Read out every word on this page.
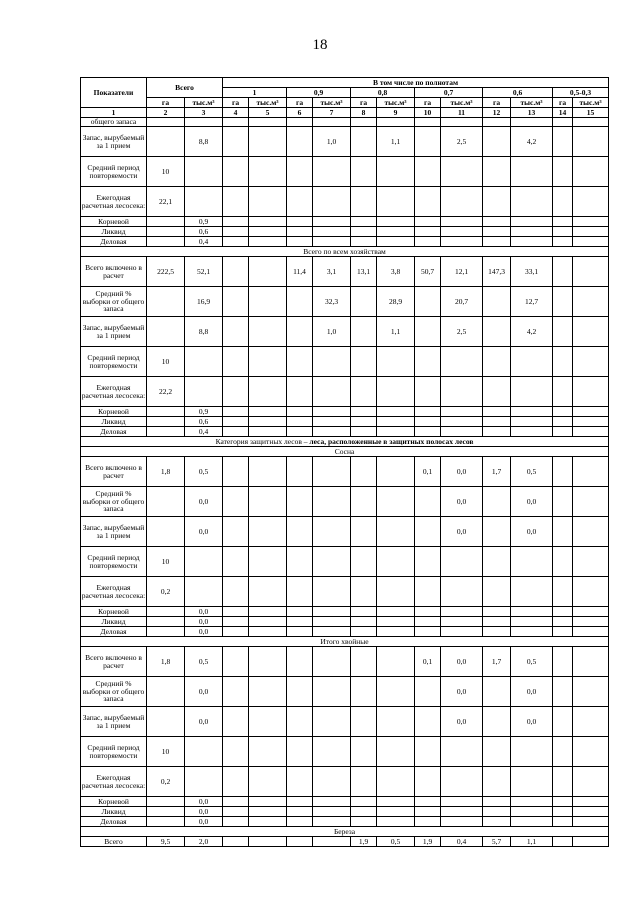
18
Показатели	Всего		В том числе по полнотам											
			1		0,9		0,8		0,7		0,6		0,5-0,3	
	га	тыс.м³	га	тыс.м³	га	тыс.м³	га	тыс.м³	га	тыс.м³	га	тыс.м³	га	тыс.м³
1	2	3	4	5	6	7	8	9	10	11	12	13	14	15
общего запаса														
Запас, вырубаемый за 1 прием		8,8				1,0		1,1		2,5		4,2		
Средний период повторяемости	10													
Ежегодная расчетная лесосека:	22,1													
Корневой		0,9												
Ликвид		0,6												
Деловая		0,4												
Всего по всем хозяйствам														
Всего включено в расчет	222,5	52,1			11,4	3,1	13,1	3,8	50,7	12,1	147,3	33,1		
Средний % выборки от общего запаса		16,9				32,3		28,9		20,7		12,7		
Запас, вырубаемый за 1 прием		8,8				1,0		1,1		2,5		4,2		
Средний период повторяемости	10													
Ежегодная расчетная лесосека:	22,2													
Корневой		0,9												
Ликвид		0,6												
Деловая		0,4												
Категория защитных лесов – леса, расположенные в защитных полосах лесов														
Сосна														
Всего включено в расчет	1,8	0,5							0,1	0,0	1,7	0,5		
Средний % выборки от общего запаса		0,0								0,0		0,0		
Запас, вырубаемый за 1 прием		0,0								0,0		0,0		
Средний период повторяемости	10													
Ежегодная расчетная лесосека:	0,2													
Корневой		0,0												
Ликвид		0,0												
Деловая		0,0												
Итого хвойные														
Всего включено в расчет	1,8	0,5							0,1	0,0	1,7	0,5		
Средний % выборки от общего запаса		0,0								0,0		0,0		
Запас, вырубаемый за 1 прием		0,0								0,0		0,0		
Средний период повторяемости	10													
Ежегодная расчетная лесосека:	0,2													
Корневой		0,0												
Ликвид		0,0												
Деловая		0,0												
Береза														
Всего	9,5	2,0					1,9	0,5	1,9	0,4	5,7	1,1		
